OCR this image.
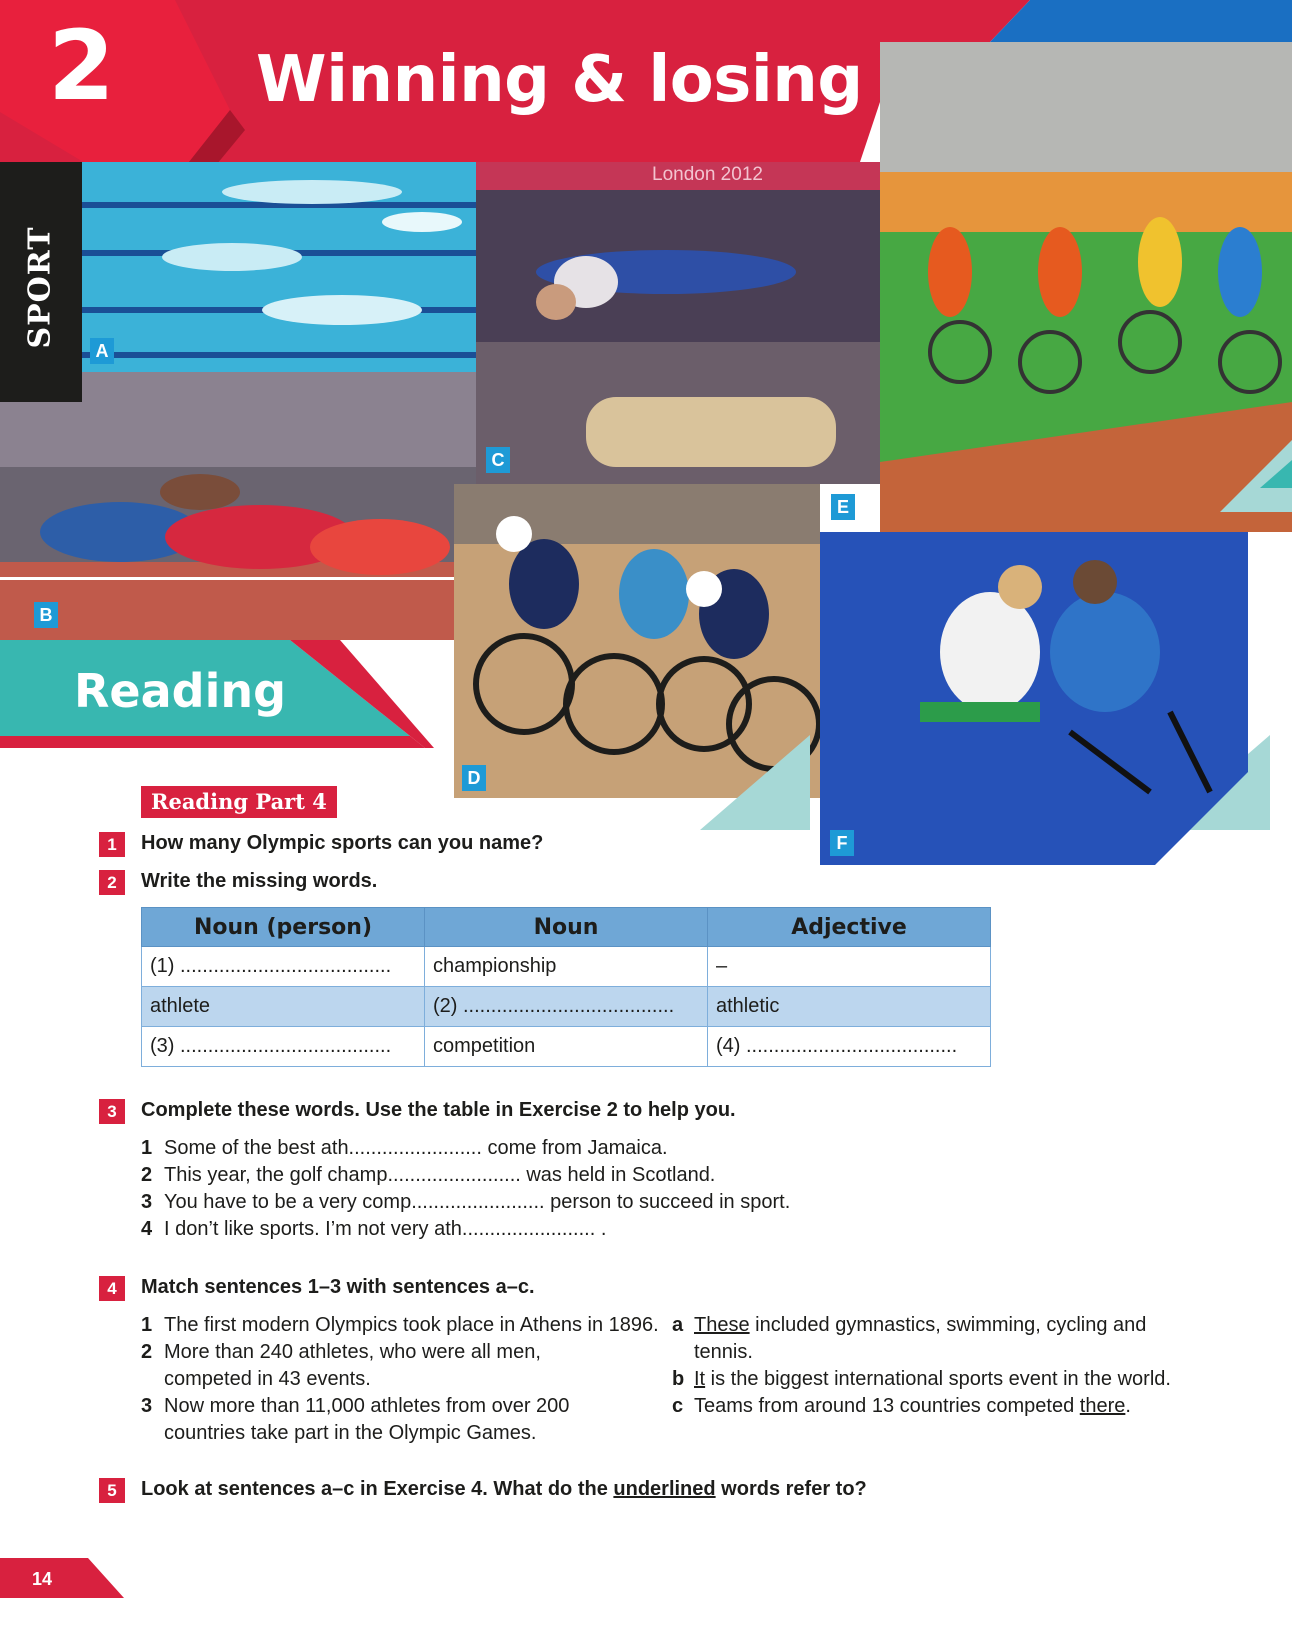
2 Winning & losing
A
B
London 2012
C
E
D
F
SPORT
Reading
Reading Part 4
1	How many Olympic sports can you name?
2	Write the missing words.
Noun (person)	Noun	Adjective
(1) ......................................	championship	–
athlete	(2) ......................................	athletic
(3) ......................................	competition	(4) ......................................
3	Complete these words. Use the table in Exercise 2 to help you.
1 Some of the best ath........................ come from Jamaica.
2 This year, the golf champ........................ was held in Scotland.
3 You have to be a very comp........................ person to succeed in sport.
4 I don’t like sports. I’m not very ath........................ .
4	Match sentences 1–3 with sentences a–c.
1 The first modern Olympics took place in Athens in 1896.
2 More than 240 athletes, who were all men,
competed in 43 events.
3 Now more than 11,000 athletes from over 200
countries take part in the Olympic Games.
a These included gymnastics, swimming, cycling and
tennis.
b It is the biggest international sports event in the world.
c Teams from around 13 countries competed there.
5	Look at sentences a–c in Exercise 4. What do the underlined words refer to?
14
